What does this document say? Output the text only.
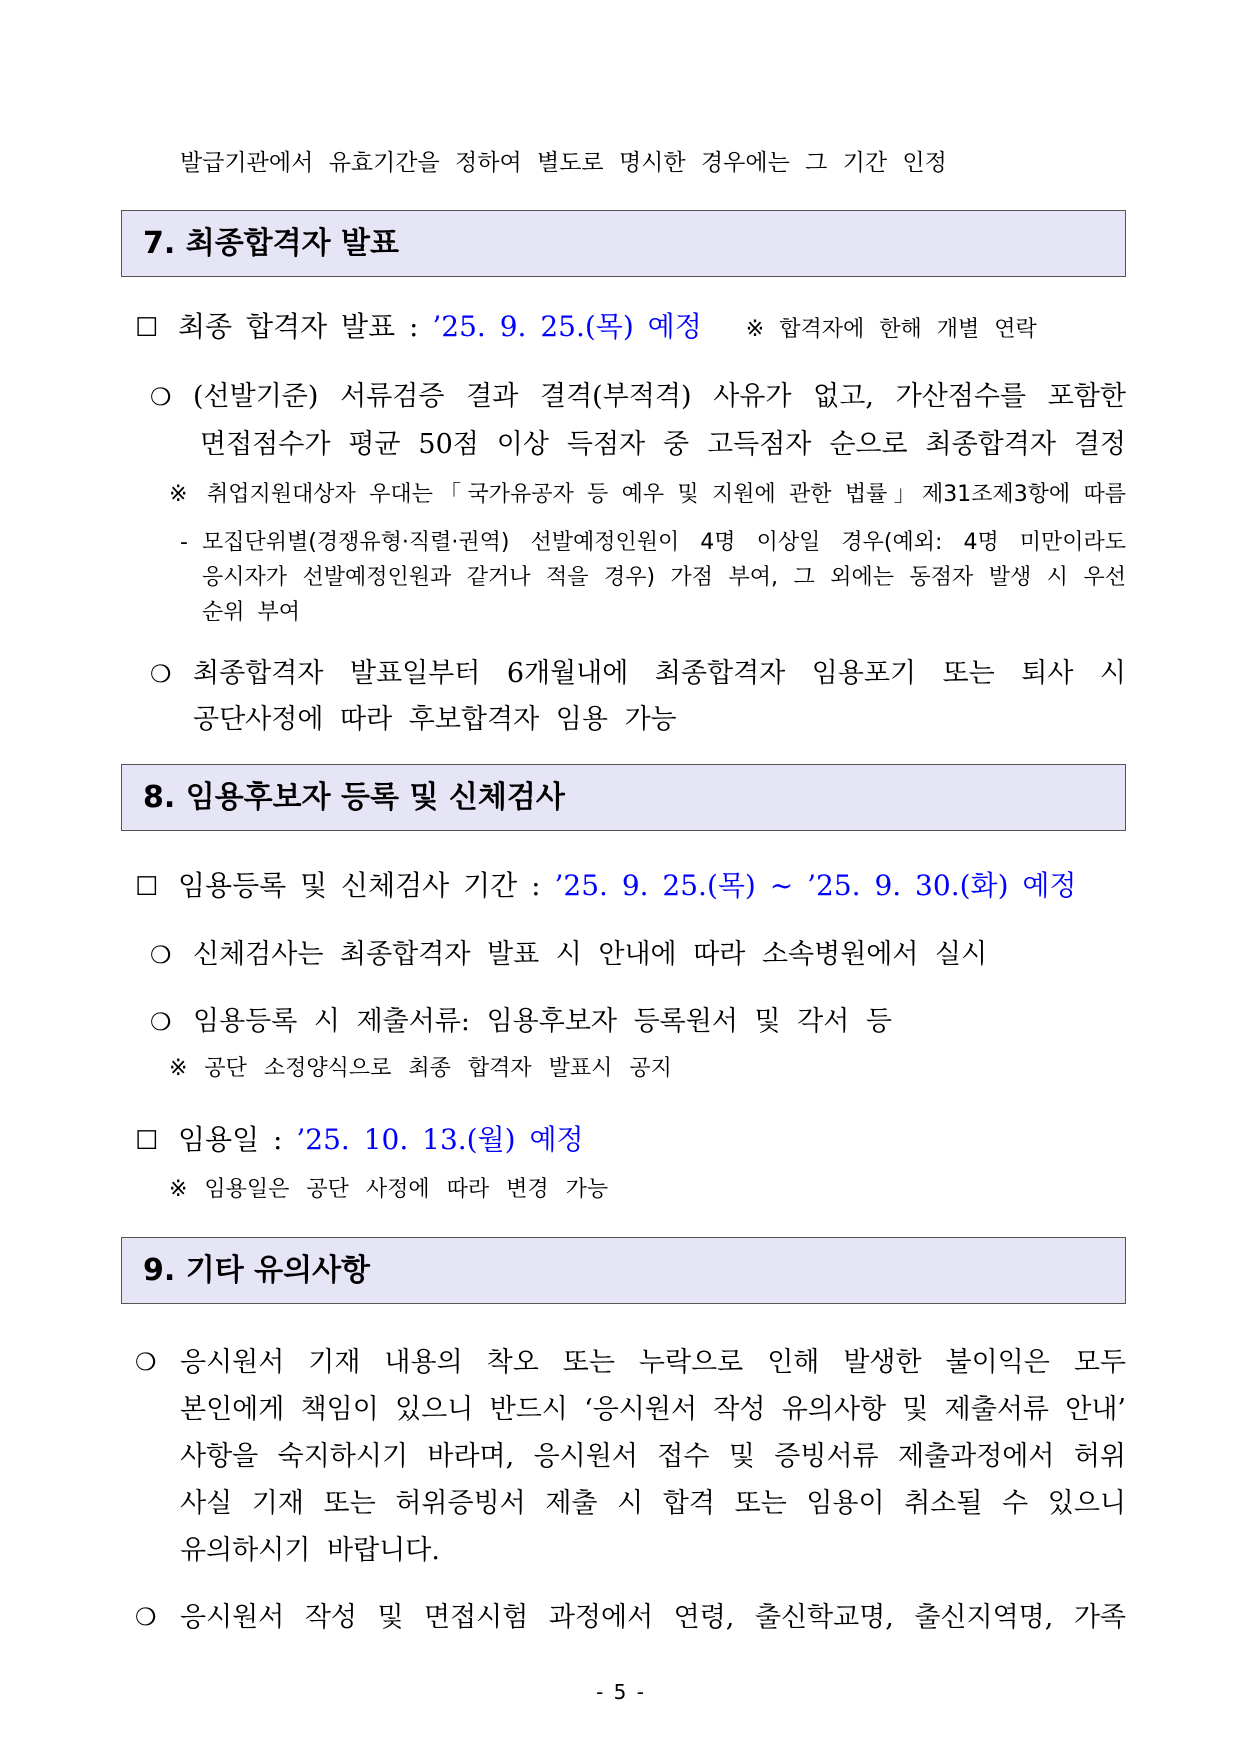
발급기관에서 유효기간을 정하여 별도로 명시한 경우에는 그 기간 인정
7. 최종합격자 발표
☐ 최종 합격자 발표 : ’25. 9. 25.(목) 예정 ※ 합격자에 한해 개별 연락
❍ (선발기준) 서류검증 결과 결격(부적격) 사유가 없고, 가산점수를 포함한
면접점수가 평균 50점 이상 득점자 중 고득점자 순으로 최종합격자 결정
※ 취업지원대상자 우대는「국가유공자 등 예우 및 지원에 관한 법률」제31조제3항에 따름
- 모집단위별(경쟁유형·직렬·권역) 선발예정인원이 4명 이상일 경우(예외: 4명 미만이라도
응시자가 선발예정인원과 같거나 적을 경우) 가점 부여, 그 외에는 동점자 발생 시 우선
순위 부여
❍ 최종합격자 발표일부터 6개월내에 최종합격자 임용포기 또는 퇴사 시
공단사정에 따라 후보합격자 임용 가능
8. 임용후보자 등록 및 신체검사
☐ 임용등록 및 신체검사 기간 : ’25. 9. 25.(목) ~ ’25. 9. 30.(화) 예정
❍ 신체검사는 최종합격자 발표 시 안내에 따라 소속병원에서 실시
❍ 임용등록 시 제출서류: 임용후보자 등록원서 및 각서 등
※ 공단 소정양식으로 최종 합격자 발표시 공지
☐ 임용일 : ’25. 10. 13.(월) 예정
※ 임용일은 공단 사정에 따라 변경 가능
9. 기타 유의사항
❍ 응시원서 기재 내용의 착오 또는 누락으로 인해 발생한 불이익은 모두
본인에게 책임이 있으니 반드시 ‘응시원서 작성 유의사항 및 제출서류 안내’
사항을 숙지하시기 바라며, 응시원서 접수 및 증빙서류 제출과정에서 허위
사실 기재 또는 허위증빙서 제출 시 합격 또는 임용이 취소될 수 있으니
유의하시기 바랍니다.
❍ 응시원서 작성 및 면접시험 과정에서 연령, 출신학교명, 출신지역명, 가족
- 5 -
